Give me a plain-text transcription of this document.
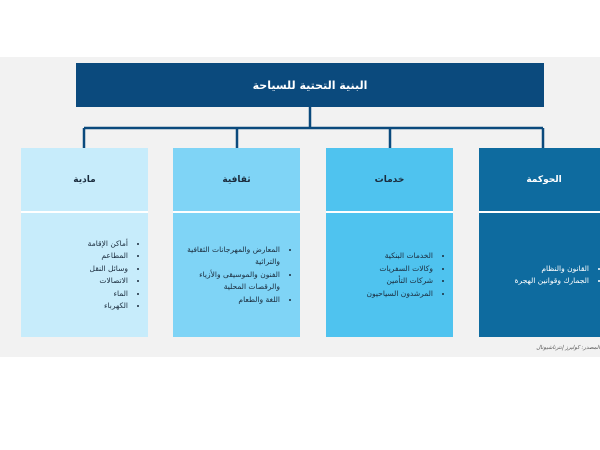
البنية التحتية للسياحة
الحوكمة
• القانون والنظام
• الجمارك وقوانين الهجرة
خدمات
• الخدمات البنكية
• وكالات السفريات
• شركات التأمين
• المرشدون السياحيون
ثقافية
• المعارض والمهرجانات الثقافية والتراثية
• الفنون والموسيقى والأزياء والرقصات المحلية
• اللغة والطعام
مادية
• أماكن الإقامة
• المطاعم
• وسائل النقل
• الاتصالات
• الماء
• الكهرباء
المصدر: كوليرز إنترناشيونال
